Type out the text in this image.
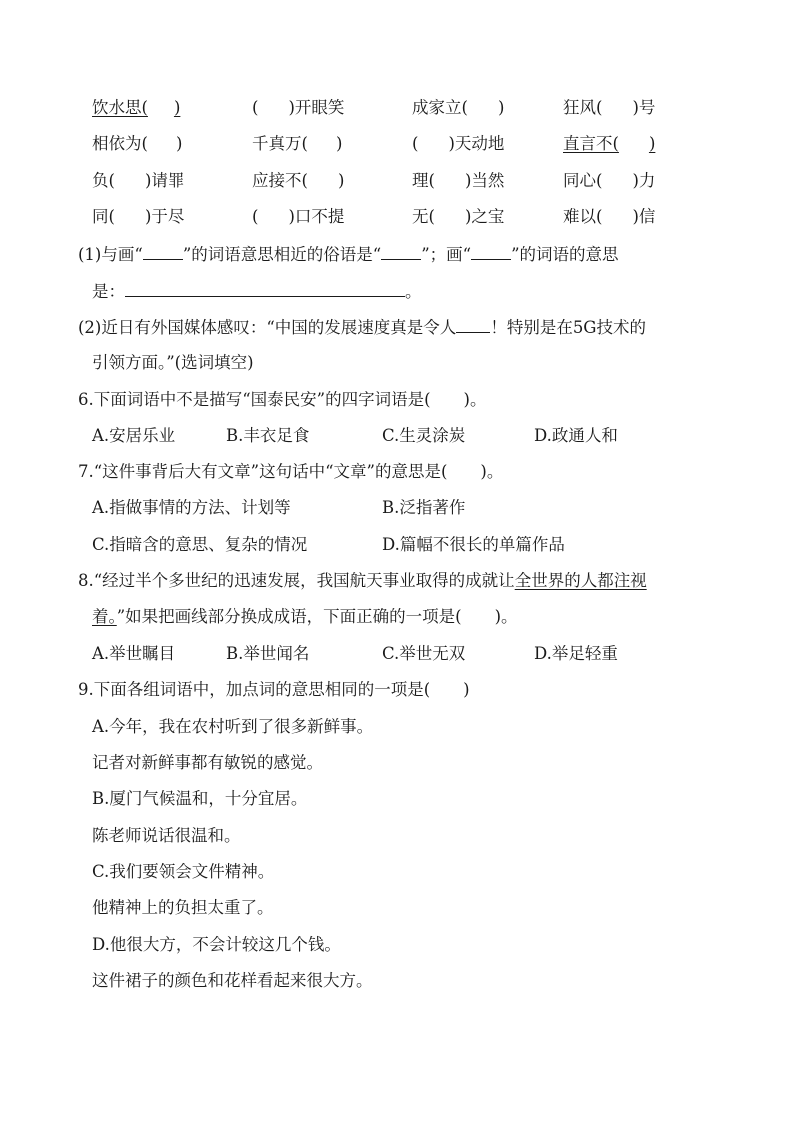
饮水思( )	( )开眼笑	成家立( )	狂风( )号
相依为( )	千真万( )	( )天动地	直言不( )
负( )请罪	应接不( )	理( )当然	同心( )力
同( )于尽	( )口不提	无( )之宝	难以( )信
(1)与画“ ”的词语意思相近的俗语是“ ”；画“ ”的词语的意思
是：	。
(2)近日有外国媒体感叹：“中国的发展速度真是令人 ！特别是在5G技术的
引领方面。”(选词填空)
6.下面词语中不是描写“国泰民安”的四字词语是(　　)。
A.安居乐业	B.丰衣足食	C.生灵涂炭	D.政通人和
7.“这件事背后大有文章”这句话中“文章”的意思是(　　)。
A.指做事情的方法、计划等	B.泛指著作
C.指暗含的意思、复杂的情况	D.篇幅不很长的单篇作品
8.“经过半个多世纪的迅速发展，我国航天事业取得的成就让全世界的人都注视
着。”如果把画线部分换成成语，下面正确的一项是(　　)。
A.举世瞩目	B.举世闻名	C.举世无双	D.举足轻重
9.下面各组词语中，加点词的意思相同的一项是(　　)
A.今年，我在农村听到了很多新鲜事。
记者对新鲜事都有敏锐的感觉。
B.厦门气候温和，十分宜居。
陈老师说话很温和。
C.我们要领会文件精神。
他精神上的负担太重了。
D.他很大方，不会计较这几个钱。
这件裙子的颜色和花样看起来很大方。
